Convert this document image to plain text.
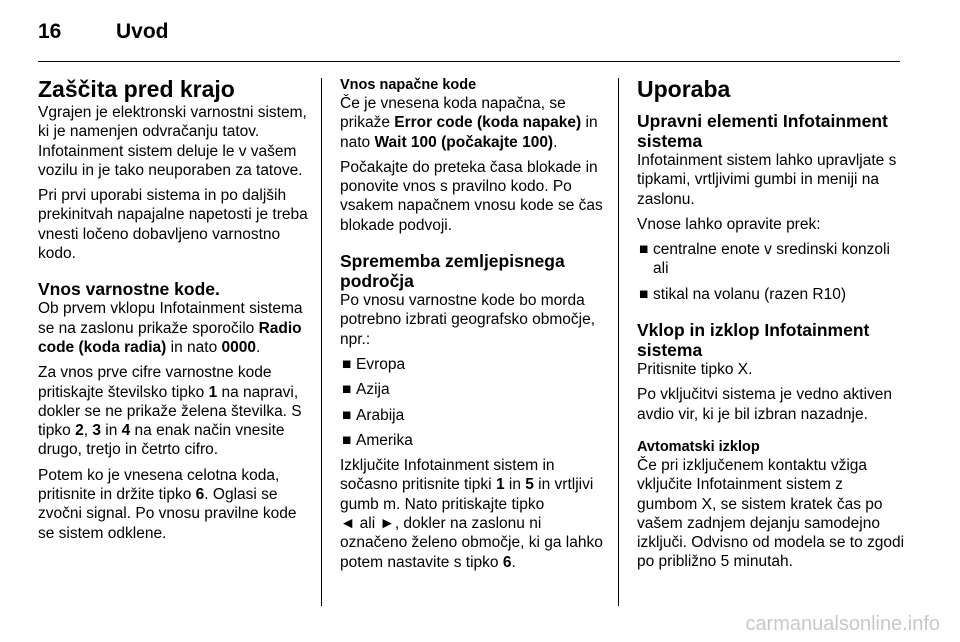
16	Uvod
Zaščita pred krajo

Vgrajen je elektronski varnostni sistem, ki je namenjen odvračanju tatov. Infotainment sistem deluje le v vašem vozilu in je tako neuporaben za tatove.

Pri prvi uporabi sistema in po daljših prekinitvah napajalne napetosti je treba vnesti ločeno dobavljeno varnostno kodo.

Vnos varnostne kode.

Ob prvem vklopu Infotainment sistema se na zaslonu prikaže sporočilo Radio code (koda radia) in nato 0000.

Za vnos prve cifre varnostne kode pritiskajte številsko tipko 1 na napravi, dokler se ne prikaže želena številka. S tipko 2, 3 in 4 na enak način vnesite drugo, tretjo in četrto cifro.

Potem ko je vnesena celotna koda, pritisnite in držite tipko 6. Oglasi se zvočni signal. Po vnosu pravilne kode se sistem odklene.

Vnos napačne kode

Če je vnesena koda napačna, se prikaže Error code (koda napake) in nato Wait 100 (počakajte 100).

Počakajte do preteka časa blokade in ponovite vnos s pravilno kodo. Po vsakem napačnem vnosu kode se čas blokade podvoji.

Sprememba zemljepisnega področja

Po vnosu varnostne kode bo morda potrebno izbrati geografsko območje, npr.:

■ Evropa
■ Azija
■ Arabija
■ Amerika

Izključite Infotainment sistem in sočasno pritisnite tipki 1 in 5 in vrtljivi gumb m. Nato pritiskajte tipko
◄ ali ►, dokler na zaslonu ni označeno želeno območje, ki ga lahko potem nastavite s tipko 6.

Uporaba
Upravni elementi Infotainment sistema

Infotainment sistem lahko upravljate s tipkami, vrtljivimi gumbi in meniji na zaslonu.

Vnose lahko opravite prek:

■ centralne enote v sredinski konzoli ali
■ stikal na volanu (razen R10)
Vklop in izklop Infotainment sistema

Pritisnite tipko X.

Po vključitvi sistema je vedno aktiven avdio vir, ki je bil izbran nazadnje.

Avtomatski izklop

Če pri izključenem kontaktu vžiga vključite Infotainment sistem z gumbom X, se sistem kratek čas po vašem zadnjem dejanju samodejno izključi. Odvisno od modela se to zgodi po približno 5 minutah.

carmanualsonline.info
